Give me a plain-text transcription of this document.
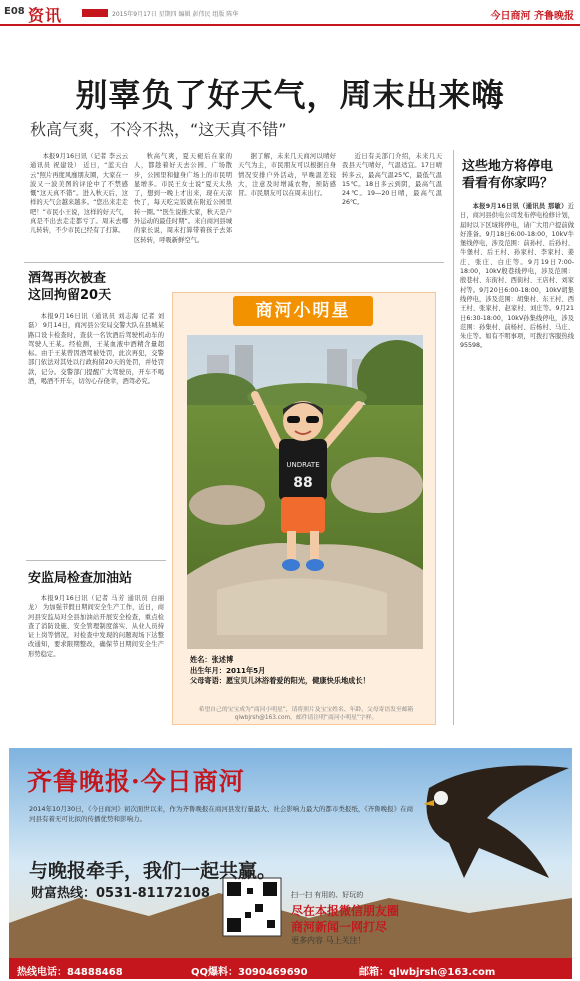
E08 资讯	2015年9月17日 星期四 编辑 彭伟民 组版 陈华	今日商河 齐鲁晚报
别辜负了好天气，周末出来嗨
秋高气爽，不冷不热，“这天真不错”

本报9月16日讯（记者 李云云 通讯员 祝建设） 近日，“蓝天白云”照片再度风靡朋友圈，大家在一波又一波美图的评论中了不禁感慨“这天真不错”。进入秋天后，这样的天气会越来越多。“您出来走走吧！”市民小王说，这样的好天气，真是不出去走走都亏了。周末去哪儿转转，不少市民已经有了打算。

秋高气爽，夏天褪后在家的人，都趁着好天去公园、广场散步，公园里和健身广场上的市民明显增多。市民王女士说“夏天太热了，想到一晚上才出来，现在天凉快了，每天吃完饭就在附近公园里转一圈。”“医生说推大家，秋天是户外运动的最佳时期”。来自商河县城的家长说，周末打算带着孩子去郊区转转，呼吸新鲜空气。

据了解，未来几天商河以晴好天气为主，市民朋友可以根据自身情况安排户外活动，早晚温差较大，注意及时增减衣物，预防感冒。市民朋友可以在周末出行。

近日有关部门介绍，未来几天我县天气晴好，气温适宜。17日晴转多云，最高气温25℃，最低气温15℃。18日多云到阴，最高气温24℃。19—20日晴，最高气温26℃。

这些地方将停电
看看有你家吗？

本报9月16日讯（通讯员 那敏）近日，商河县供电公司发布停电检修计划，届时以下区域将停电，请广大用户提前做好准备。9月18日6:00-18:00，10kV牛堡线停电，涉及范围：前孙村、后孙村、牛堡村、后王村、孙家村、李家村、姜庄、张庄、白庄等。9月19日7:00-18:00，10kV殷巷线停电，涉及范围：殷巷村、东街村、西街村、王店村、刘家村等。9月20日6:00-18:00，10kV胡集线停电，涉及范围：胡集村、东王村、西王村、张家村、赵家村、刘庄等。9月21日6:30-18:00，10kV孙集线停电，涉及范围：孙集村、前杨村、后杨村、马庄、朱庄等。如有不明事项，可拨打客服热线95598。

酒驾再次被查
这回拘留20天

本报9月16日讯（通讯员 刘志海 记者 刘磊） 9月14日，商河县公安局交警大队在县城某路口设卡检查时，查获一名饮酒后驾驶机动车的驾驶人王某。经检测，王某血液中酒精含量超标。由于王某曾因酒驾被处罚，此次再犯，交警部门依法对其处以行政拘留20天的处罚，并处罚款，记分。交警部门提醒广大驾驶员，开车不喝酒，喝酒不开车，切勿心存侥幸，酒驾必究。

安监局检查加油站

本报9月16日讯（记者 马芳 通讯员 白丽龙） 为加强节假日期间安全生产工作，近日，商河县安监局对全县加油站开展安全检查，重点检查了消防设施、安全管理制度落实、从业人员持证上岗等情况，对检查中发现的问题现场下达整改通知，要求限期整改，确保节日期间安全生产形势稳定。

商河小明星
UNDRATE
88
姓名：张述博
出生年月：2011年5月
父母寄语：愿宝贝儿沐浴着爱的阳光，健康快乐地成长！
希望自己的宝宝成为“商河小明星”，请将照片及宝宝姓名、年龄、父母寄语发至邮箱qlwbjrsh@163.com，邮件请注明“商河小明星”字样。
齐鲁晚报·今日商河
2014年10月30日，《今日商河》初次面世以来，作为齐鲁晚报在商河县发行量最大、社会影响力最大的都市类报纸，《齐鲁晚报》在商河县有着无可比拟的传播优势和影响力。
与晚报牵手，我们一起共赢。
财富热线：0531-81172108	扫一扫 有用的、好玩的
尽在本报微信朋友圈
商河新闻一网打尽
更多内容 马上关注！
热线电话：84888468	QQ爆料：3090469690	邮箱：qlwbjrsh@163.com
